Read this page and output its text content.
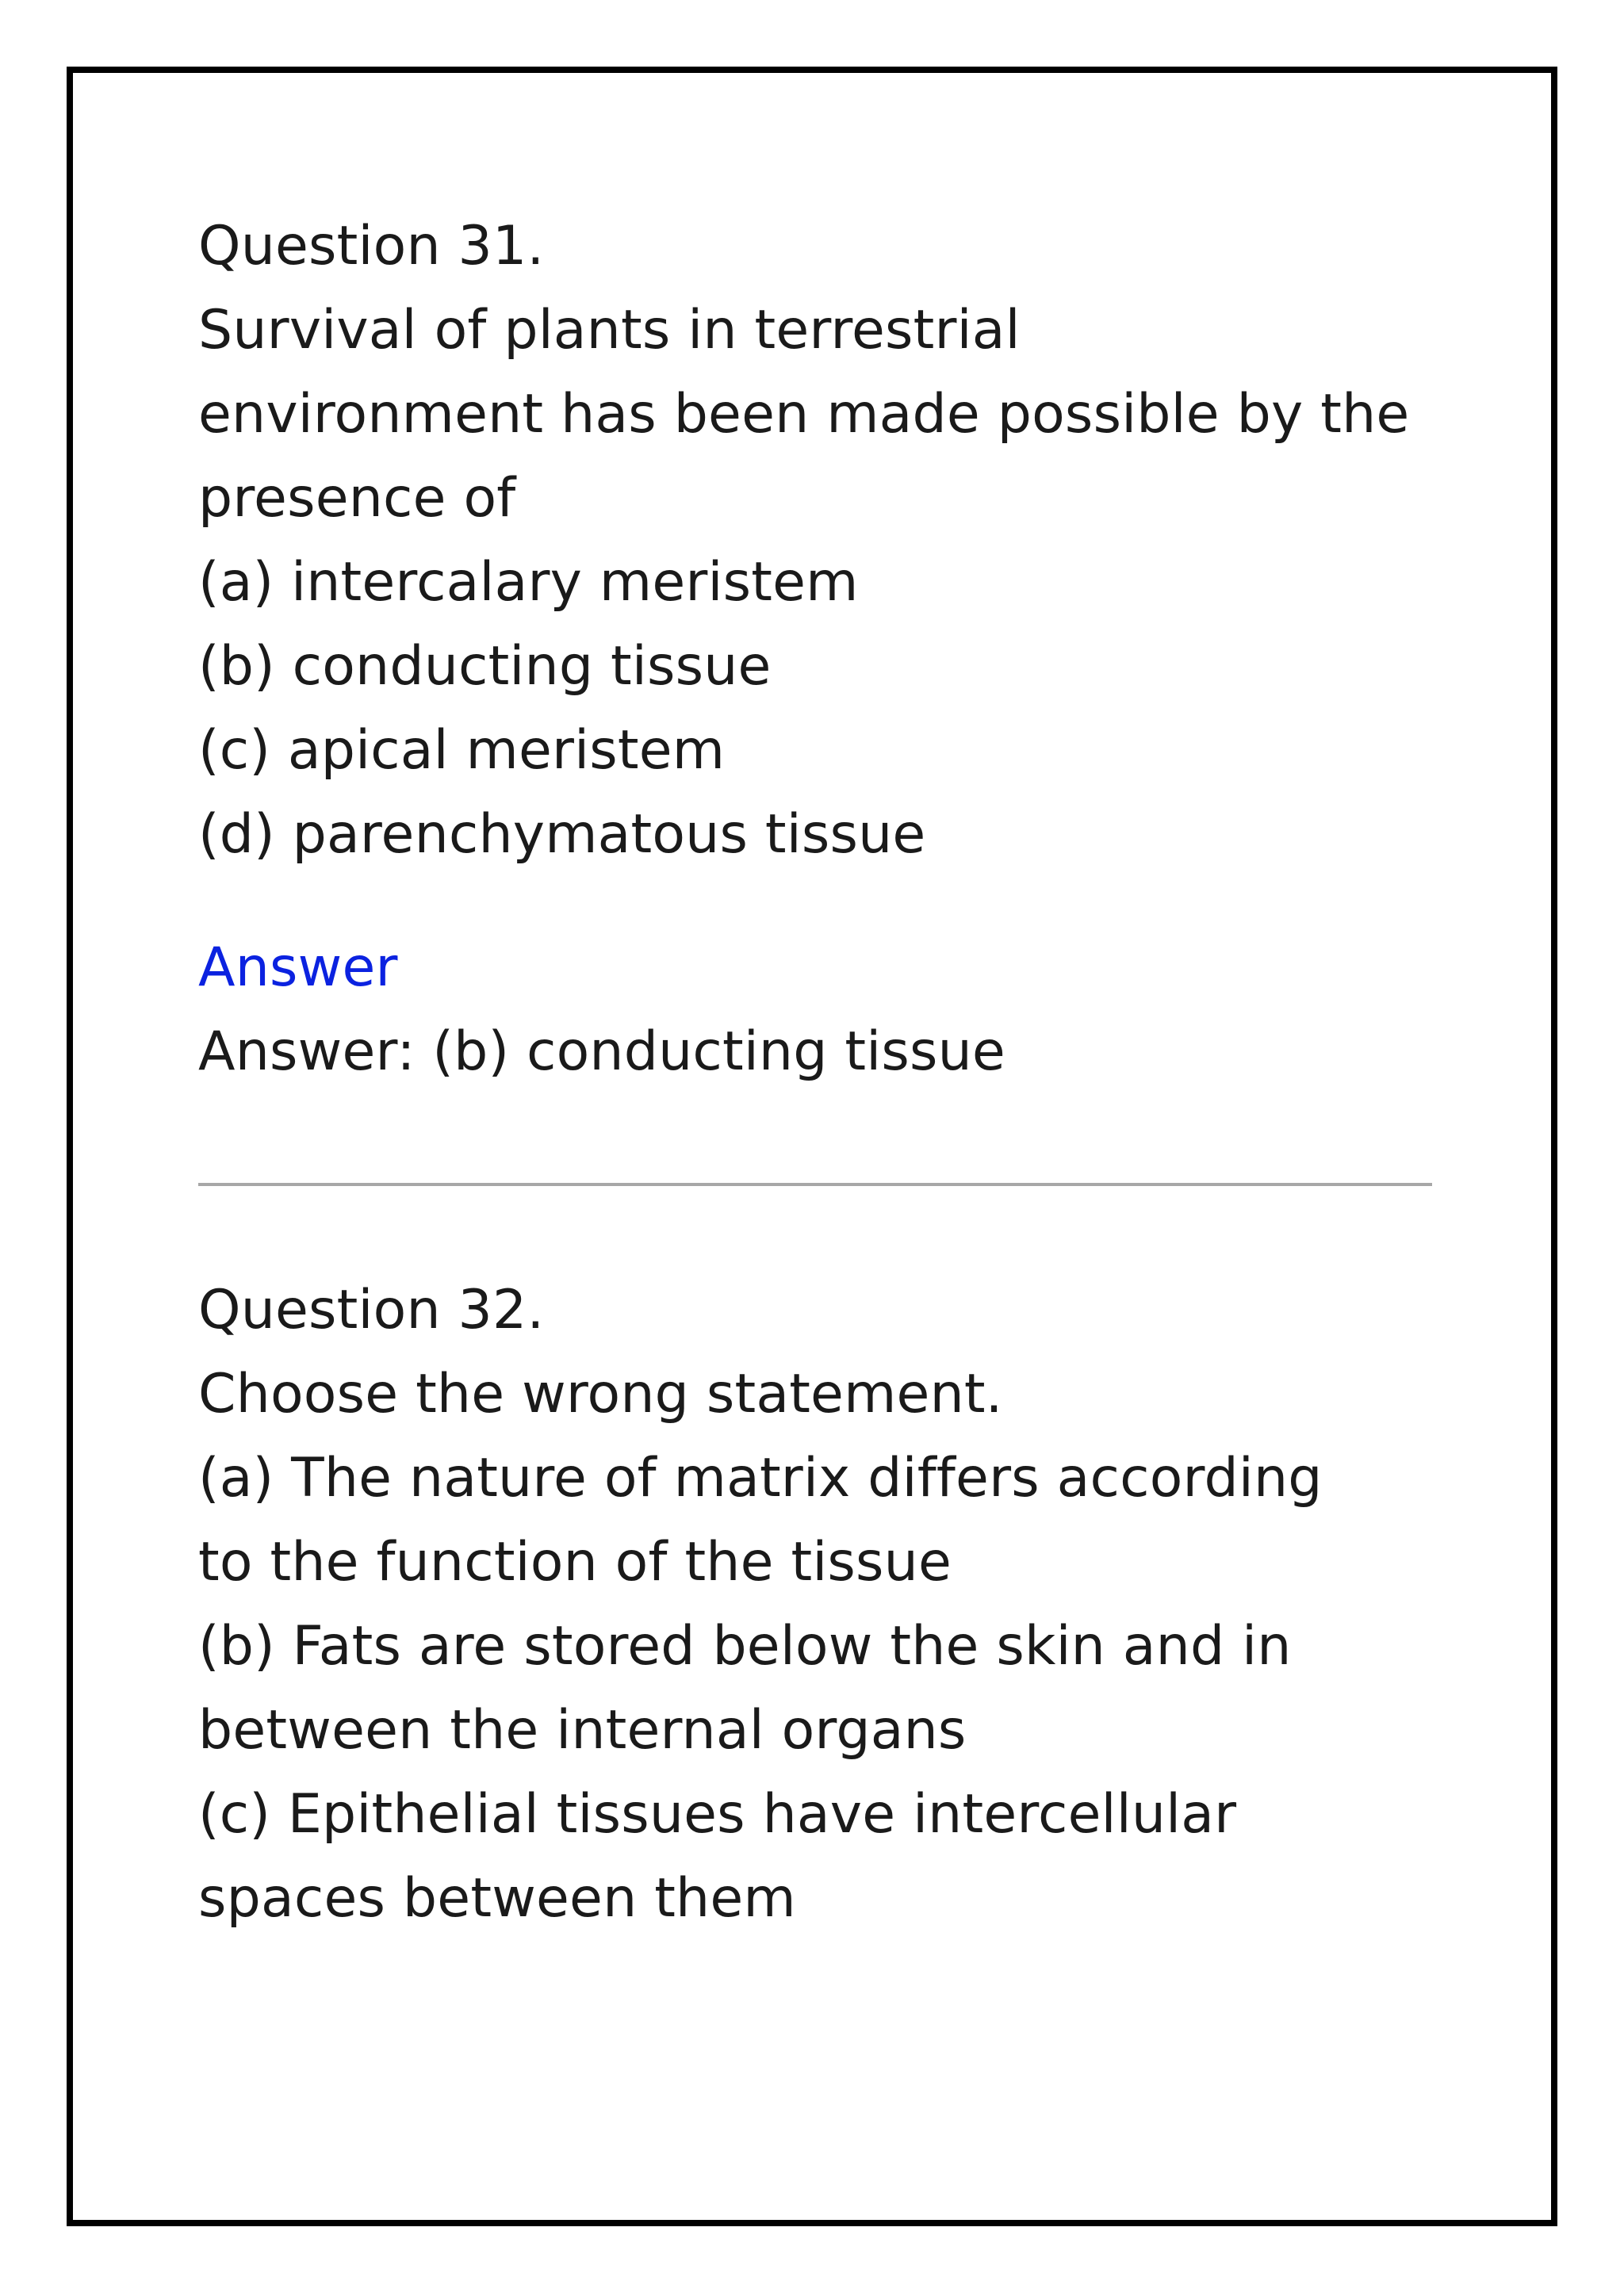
Question 31.
Survival of plants in terrestrial
environment has been made possible by the
presence of
(a) intercalary meristem
(b) conducting tissue
(c) apical meristem
(d) parenchymatous tissue
Answer
Answer: (b) conducting tissue
Question 32.
Choose the wrong statement.
(a) The nature of matrix differs according
to the function of the tissue
(b) Fats are stored below the skin and in
between the internal organs
(c) Epithelial tissues have intercellular
spaces between them
